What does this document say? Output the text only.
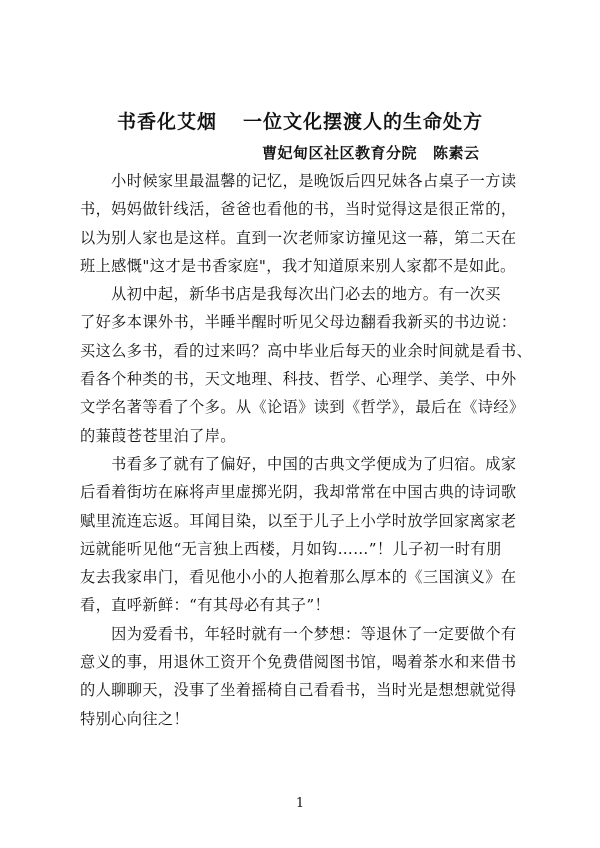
书香化艾烟 一位文化摆渡人的生命处方
曹妃甸区社区教育分院 陈素云
　　小时候家里最温馨的记忆，是晚饭后四兄妹各占桌子一方读
书，妈妈做针线活，爸爸也看他的书，当时觉得这是很正常的，
以为别人家也是这样。直到一次老师家访撞见这一幕，第二天在
班上感慨"这才是书香家庭"，我才知道原来别人家都不是如此。
　　从初中起，新华书店是我每次出门必去的地方。有一次买
了好多本课外书，半睡半醒时听见父母边翻看我新买的书边说：
买这么多书，看的过来吗？高中毕业后每天的业余时间就是看书、
看各个种类的书，天文地理、科技、哲学、心理学、美学、中外
文学名著等看了个多。从《论语》读到《哲学》，最后在《诗经》
的蒹葭苍苍里泊了岸。
　　书看多了就有了偏好，中国的古典文学便成为了归宿。成家
后看着街坊在麻将声里虚掷光阴，我却常常在中国古典的诗词歌
赋里流连忘返。耳闻目染，以至于儿子上小学时放学回家离家老
远就能听见他“无言独上西楼，月如钩……”！儿子初一时有朋
友去我家串门，看见他小小的人抱着那么厚本的《三国演义》在
看，直呼新鲜：“有其母必有其子”！
　　因为爱看书，年轻时就有一个梦想：等退休了一定要做个有
意义的事，用退休工资开个免费借阅图书馆，喝着茶水和来借书
的人聊聊天，没事了坐着摇椅自己看看书，当时光是想想就觉得
特别心向往之！
1
